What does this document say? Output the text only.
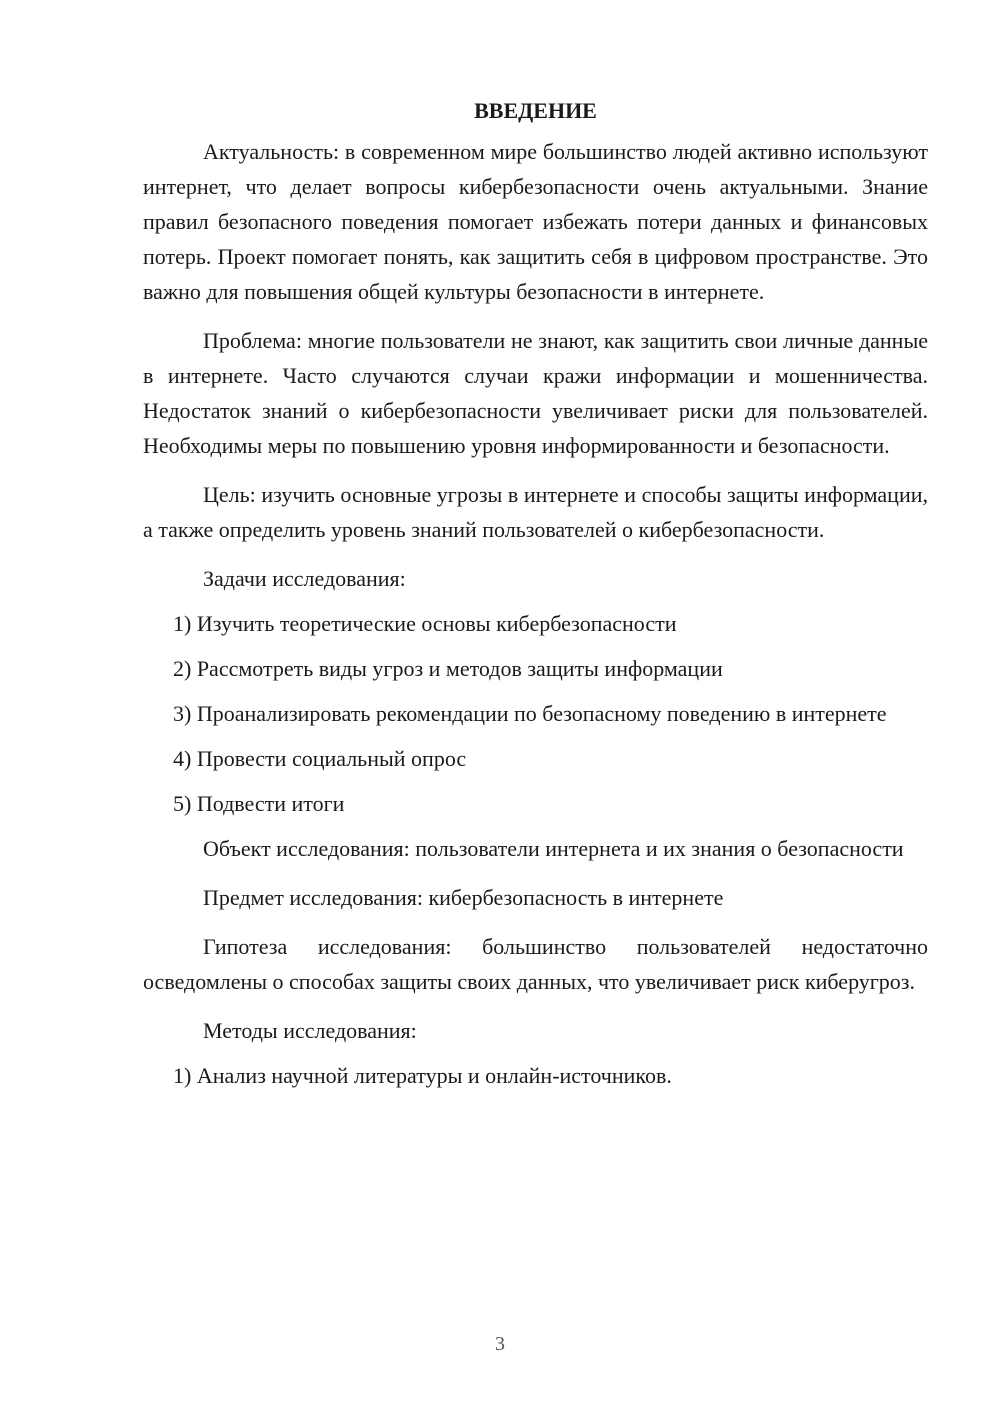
ВВЕДЕНИЕ

Актуальность: в современном мире большинство людей активно используют интернет, что делает вопросы кибербезопасности очень актуальными. Знание правил безопасного поведения помогает избежать потери данных и финансовых потерь. Проект помогает понять, как защитить себя в цифровом пространстве. Это важно для повышения общей культуры безопасности в интернете.

Проблема: многие пользователи не знают, как защитить свои личные данные в интернете. Часто случаются случаи кражи информации и мошенничества. Недостаток знаний о кибербезопасности увеличивает риски для пользователей. Необходимы меры по повышению уровня информированности и безопасности.

Цель: изучить основные угрозы в интернете и способы защиты информации, а также определить уровень знаний пользователей о кибербезопасности.

Задачи исследования:

1) Изучить теоретические основы кибербезопасности

2) Рассмотреть виды угроз и методов защиты информации

3) Проанализировать рекомендации по безопасному поведению в интернете

4) Провести социальный опрос

5) Подвести итоги

Объект исследования: пользователи интернета и их знания о безопасности

Предмет исследования: кибербезопасность в интернете

Гипотеза исследования: большинство пользователей недостаточно осведомлены о способах защиты своих данных, что увеличивает риск киберугроз.

Методы исследования:

1) Анализ научной литературы и онлайн-источников.

3
